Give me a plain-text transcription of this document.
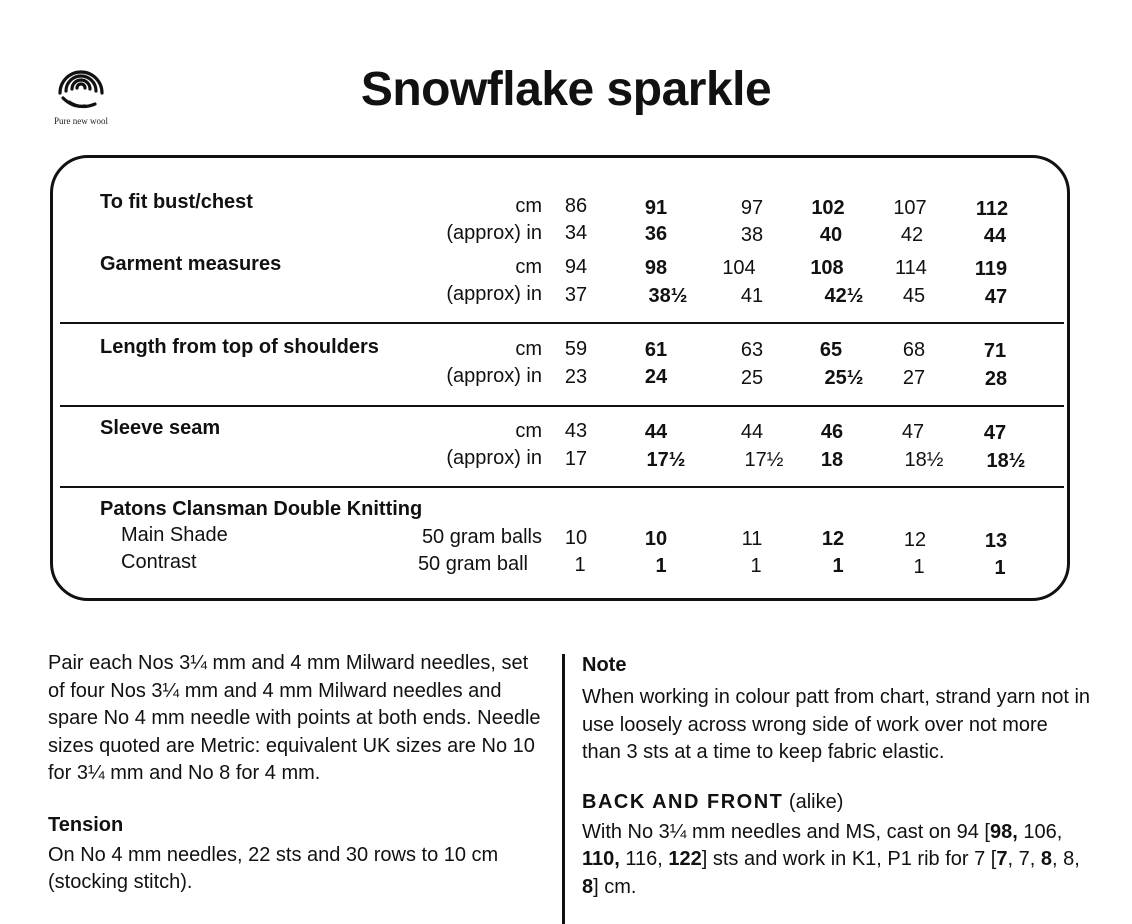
Pure new wool
Snowflake sparkle
To fit bust/chest	cm	86	91	97	102	107	112
(approx) in	34	36	38	40	42	44
Garment measures	cm	94	98	104	108	114	119
(approx) in	37	38½	41	42½	45	47
Length from top of shoulders	cm	59	61	63	65	68	71
(approx) in	23	24	25	25½	27	28
Sleeve seam	cm	43	44	44	46	47	47
(approx) in	17	17½	17½	18	18½	18½
Patons Clansman Double Knitting
Main Shade	50 gram balls	10	10	11	12	12	13
Contrast	50 gram ball	1	1	1	1	1	1

Pair each Nos 3¼ mm and 4 mm Milward needles, set of four Nos 3¼ mm and 4 mm Milward needles and spare No 4 mm needle with points at both ends. Needle sizes quoted are Metric: equivalent UK sizes are No 10 for 3¼ mm and No 8 for 4 mm.

Tension

On No 4 mm needles, 22 sts and 30 rows to 10 cm (stocking stitch).

Note

When working in colour patt from chart, strand yarn not in use loosely across wrong side of work over not more than 3 sts at a time to keep fabric elastic.

BACK AND FRONT (alike)

With No 3¼ mm needles and MS, cast on 94 [98, 106, 110, 116, 122] sts and work in K1, P1 rib for 7 [7, 7, 8, 8, 8] cm.
